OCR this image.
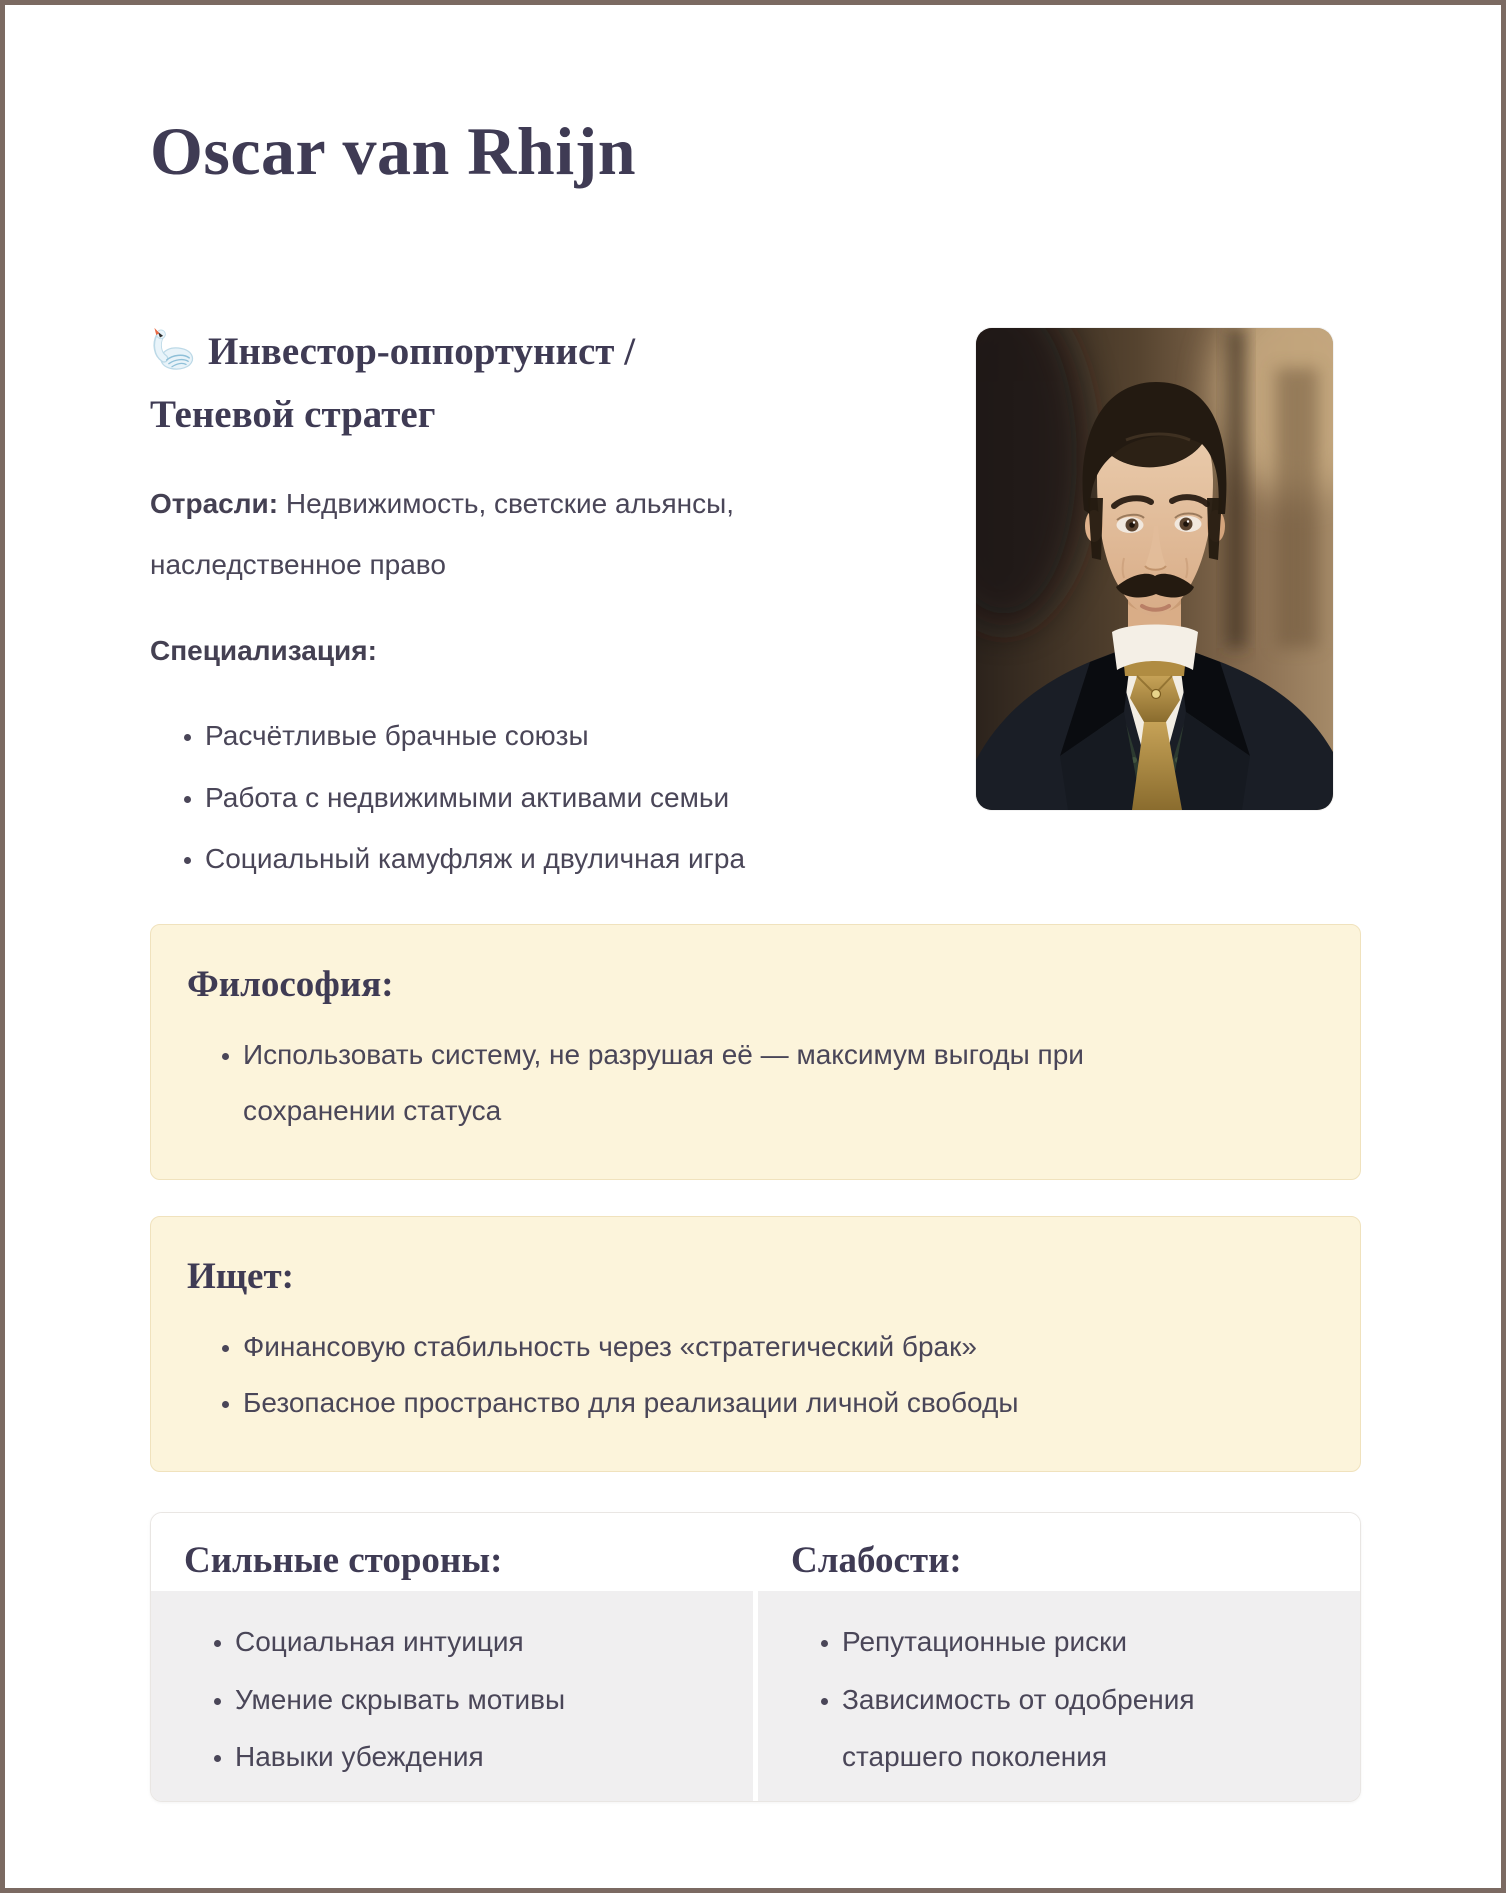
Oscar van Rhijn
Инвестор-оппортунист / Теневой стратег

Отрасли: Недвижимость, светские альянсы, наследственное право

Специализация:

• Расчётливые брачные союзы
• Работа с недвижимыми активами семьи
• Социальный камуфляж и двуличная игра
Философия:
• Использовать систему, не разрушая её — максимум выгоды при сохранении статуса
Ищет:
• Финансовую стабильность через «стратегический брак»
• Безопасное пространство для реализации личной свободы
Сильные стороны:
• Социальная интуиция
• Умение скрывать мотивы
• Навыки убеждения
Слабости:
• Репутационные риски
• Зависимость от одобрения старшего поколения
